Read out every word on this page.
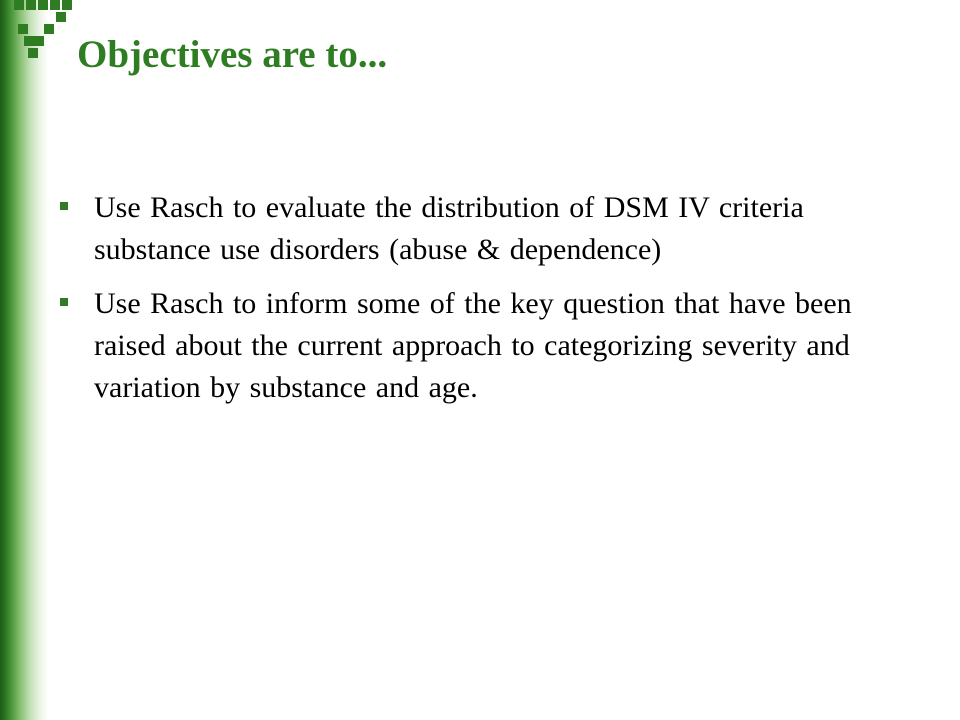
Objectives are to...
Use Rasch to evaluate the distribution of DSM IV criteria substance use disorders (abuse & dependence)
Use Rasch to inform some of the key question that have been raised about the current approach to categorizing severity and variation by substance and age.
